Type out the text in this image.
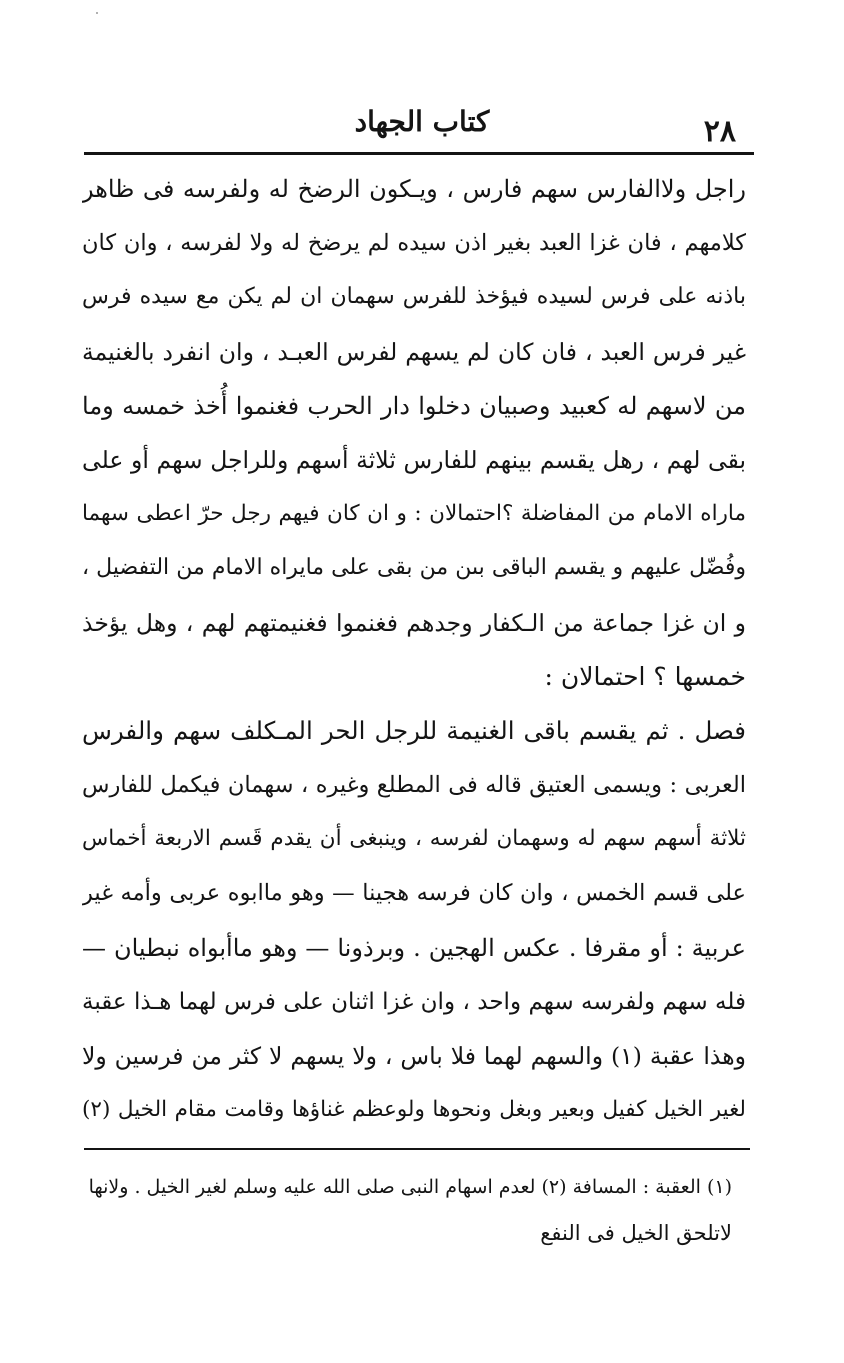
كتاب الجهاد	٢٨
راجل ولاالفارس سهم فارس ، ويـكون الرضخ له ولفرسه فى ظاهر
كلامهم ، فان غزا العبد بغير اذن سيده لم يرضخ له ولا لفرسه ، وان كان
باذنه على فرس لسيده فيؤخذ للفرس سهمان ان لم يكن مع سيده فرس
غير فرس العبد ، فان كان لم يسهم لفرس العبـد ، وان انفرد بالغنيمة
من لاسهم له كعبيد وصبيان دخلوا دار الحرب فغنموا أُخذ خمسه وما
بقى لهم ، رهل يقسم بينهم للفارس ثلاثة أسهم وللراجل سهم أو على
ماراه الامام من المفاضلة ؟احتمالان : و ان كان فيهم رجل حرّ اعطى سهما
وفُضّل عليهم و يقسم الباقى بىن من بقى على مايراه الامام من التفضيل ،
و ان غزا جماعة من الـكفار وجدهم فغنموا فغنيمتهم لهم ، وهل يؤخذ
خمسها ؟ احتمالان :
فصل . ثم يقسم باقى الغنيمة للرجل الحر المـكلف سهم والفرس
العربى : ويسمى العتيق قاله فى المطلع وغيره ، سهمان فيكمل للفارس
ثلاثة أسهم سهم له وسهمان لفرسه ، وينبغى أن يقدم قَسم الاربعة أخماس
على قسم الخمس ، وان كان فرسه هجينا — وهو ماابوه عربى وأمه غير
عربية : أو مقرفا . عكس الهجين . وبرذونا — وهو ماأبواه نبطيان —
فله سهم ولفرسه سهم واحد ، وان غزا اثنان على فرس لهما هـذا عقبة
وهذا عقبة (١) والسهم لهما فلا باس ، ولا يسهم لا كثر من فرسين ولا
لغير الخيل كفيل وبعير وبغل ونحوها ولوعظم غناؤها وقامت مقام الخيل (٢)
(١) العقبة : المسافة (٢) لعدم اسهام النبى صلى الله عليه وسلم لغير الخيل . ولانها
لاتلحق الخيل فى النفع
